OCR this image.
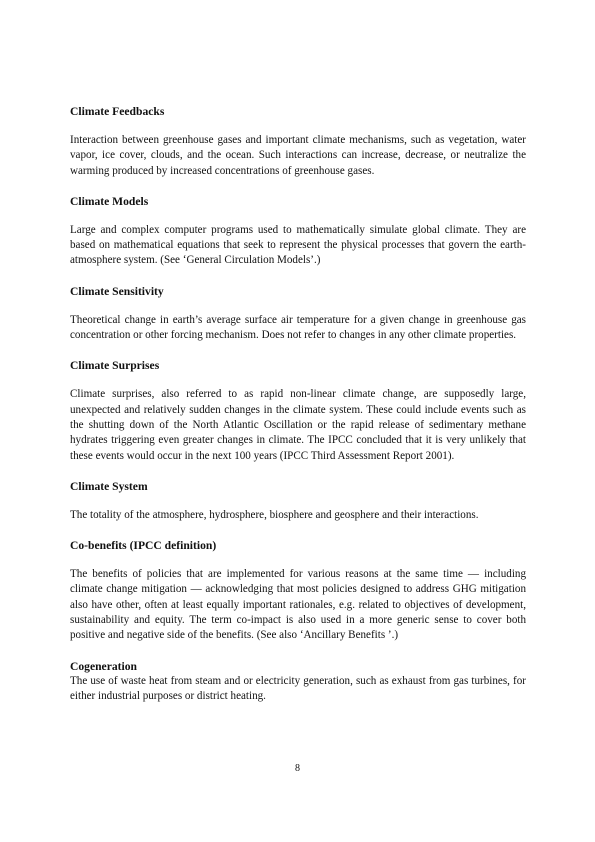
Climate Feedbacks

Interaction between greenhouse gases and important climate mechanisms, such as vegetation, water vapor, ice cover, clouds, and the ocean. Such interactions can increase, decrease, or neutralize the warming produced by increased concentrations of greenhouse gases.

Climate Models

Large and complex computer programs used to mathematically simulate global climate. They are based on mathematical equations that seek to represent the physical processes that govern the earth-atmosphere system. (See ‘General Circulation Models’.)

Climate Sensitivity

Theoretical change in earth’s average surface air temperature for a given change in greenhouse gas concentration or other forcing mechanism. Does not refer to changes in any other climate properties.

Climate Surprises

Climate surprises, also referred to as rapid non-linear climate change, are supposedly large, unexpected and relatively sudden changes in the climate system. These could include events such as the shutting down of the North Atlantic Oscillation or the rapid release of sedimentary methane hydrates triggering even greater changes in climate. The IPCC concluded that it is very unlikely that these events would occur in the next 100 years (IPCC Third Assessment Report 2001).

Climate System

The totality of the atmosphere, hydrosphere, biosphere and geosphere and their interactions.

Co-benefits (IPCC definition)

The benefits of policies that are implemented for various reasons at the same time — including climate change mitigation — acknowledging that most policies designed to address GHG mitigation also have other, often at least equally important rationales, e.g. related to objectives of development, sustainability and equity. The term co-impact is also used in a more generic sense to cover both positive and negative side of the benefits. (See also ‘Ancillary Benefits ’.)

Cogeneration

The use of waste heat from steam and or electricity generation, such as exhaust from gas turbines, for either industrial purposes or district heating.

8
